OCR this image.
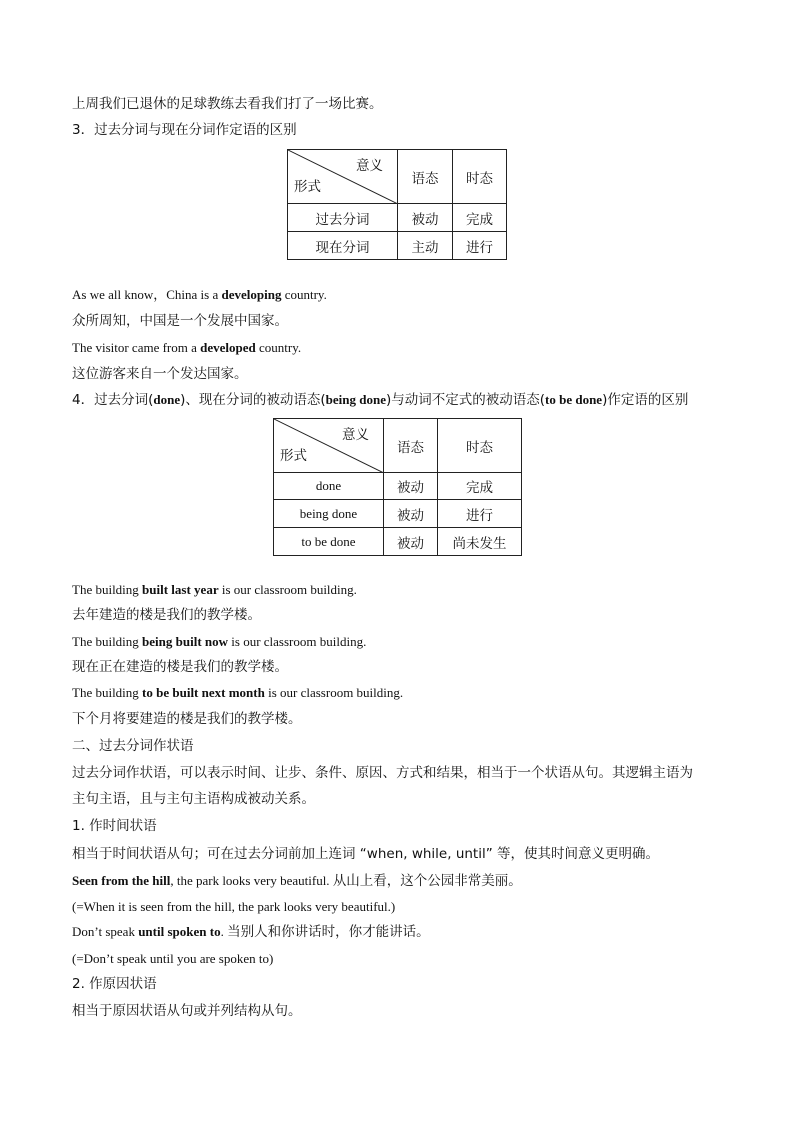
上周我们已退休的足球教练去看我们打了一场比赛。
3．过去分词与现在分词作定语的区别
意义
形式	语态	时态
过去分词	被动	完成
现在分词	主动	进行
As we all know，China is a developing country.
众所周知，中国是一个发展中国家。
The visitor came from a developed country.
这位游客来自一个发达国家。
4．过去分词(done)、现在分词的被动语态(being done)与动词不定式的被动语态(to be done)作定语的区别
意义
形式	语态	时态
done	被动	完成
being done	被动	进行
to be done	被动	尚未发生
The building built last year is our classroom building.
去年建造的楼是我们的教学楼。
The building being built now is our classroom building.
现在正在建造的楼是我们的教学楼。
The building to be built next month is our classroom building.
下个月将要建造的楼是我们的教学楼。
二、过去分词作状语
过去分词作状语，可以表示时间、让步、条件、原因、方式和结果，相当于一个状语从句。其逻辑主语为
主句主语，且与主句主语构成被动关系。
1. 作时间状语
相当于时间状语从句；可在过去分词前加上连词 “when, while, until” 等，使其时间意义更明确。
Seen from the hill, the park looks very beautiful. 从山上看，这个公园非常美丽。
(=When it is seen from the hill, the park looks very beautiful.)
Don’t speak until spoken to. 当别人和你讲话时，你才能讲话。
(=Don’t speak until you are spoken to)
2. 作原因状语
相当于原因状语从句或并列结构从句。
